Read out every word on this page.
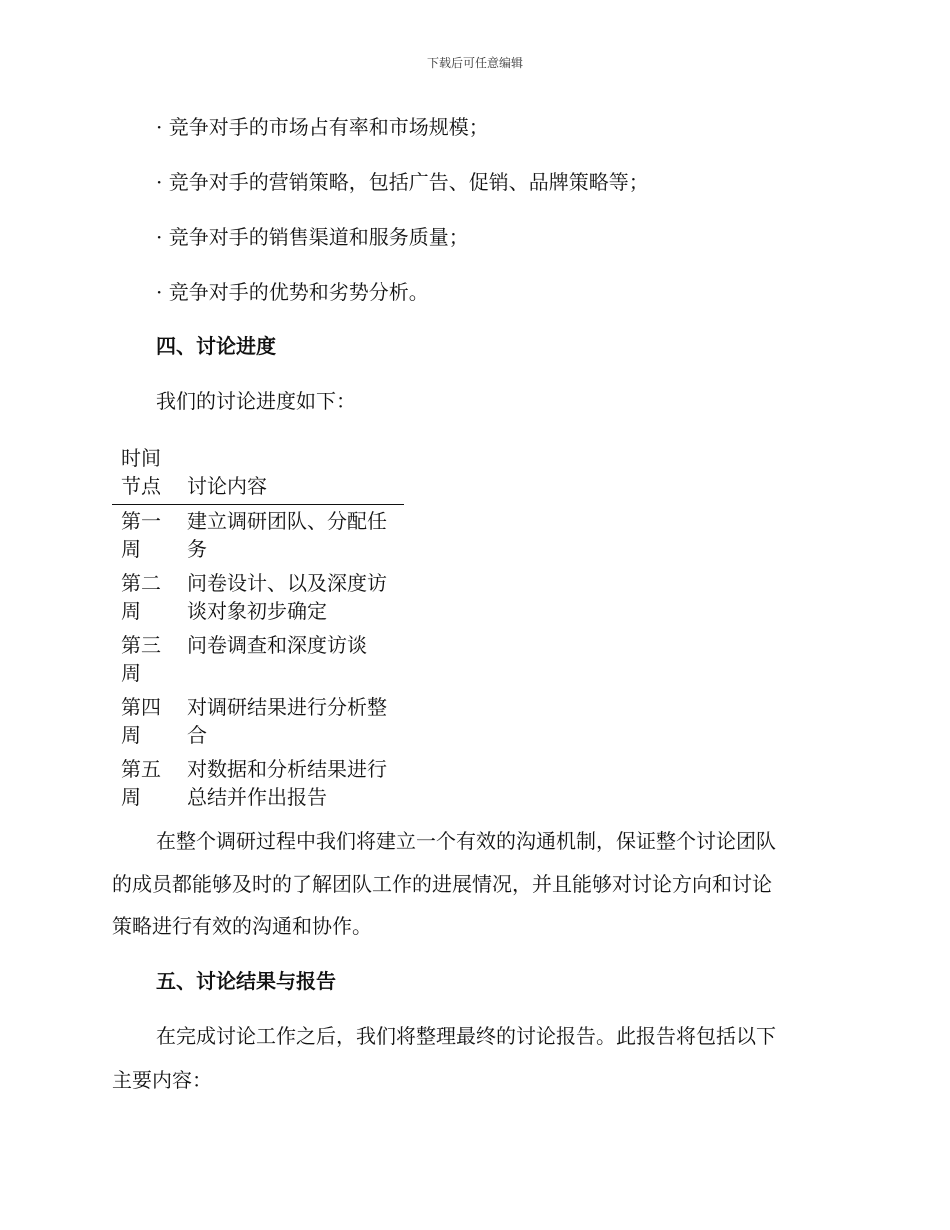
下载后可任意编辑
· 竞争对手的市场占有率和市场规模；
· 竞争对手的营销策略，包括广告、促销、品牌策略等；
· 竞争对手的销售渠道和服务质量；
· 竞争对手的优势和劣势分析。
四、讨论进度
我们的讨论进度如下：
时间节点	讨论内容
第一周
建立调研团队、分配任务
第二周
问卷设计、以及深度访谈对象初步确定
第三周
问卷调查和深度访谈
第四周
对调研结果进行分析整合
第五周
对数据和分析结果进行总结并作出报告
在整个调研过程中我们将建立一个有效的沟通机制，保证整个讨论团队
的成员都能够及时的了解团队工作的进展情况，并且能够对讨论方向和讨论
策略进行有效的沟通和协作。
五、讨论结果与报告
在完成讨论工作之后，我们将整理最终的讨论报告。此报告将包括以下
主要内容：
